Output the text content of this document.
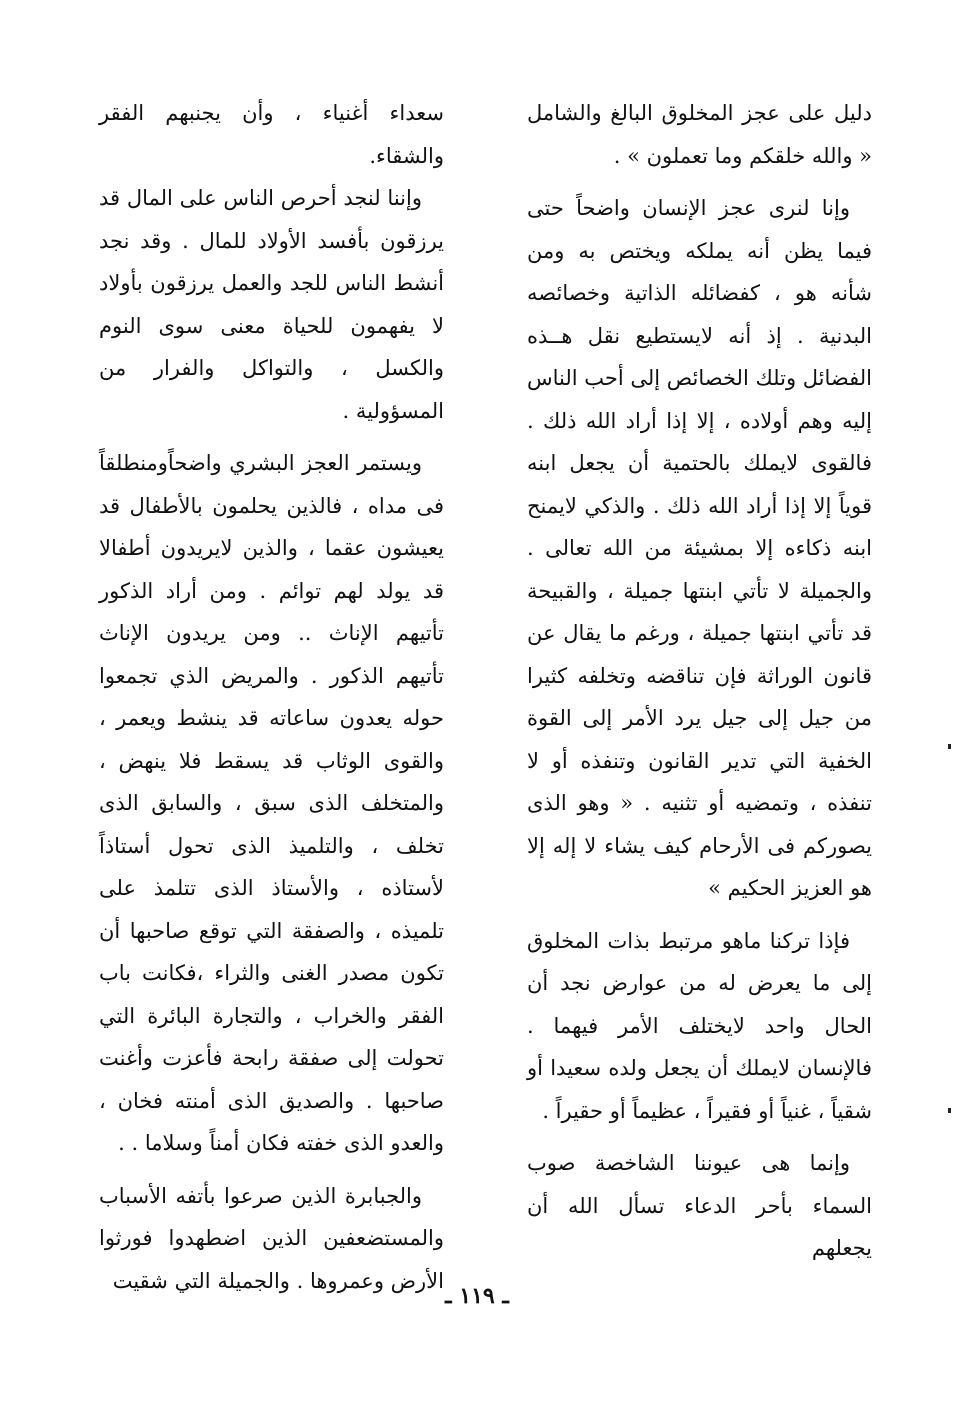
دليل على عجز المخلوق البالغ والشامل « والله خلقكم وما تعملون » .

وإنا لنرى عجز الإنسان واضحاً حتى فيما يظن أنه يملكه ويختص به ومن شأنه هو ، كفضائله الذاتية وخصائصه البدنية . إذ أنه لايستطيع نقل هــذه الفضائل وتلك الخصائص إلى أحب الناس إليه وهم أولاده ، إلا إذا أراد الله ذلك . فالقوى لايملك بالحتمية أن يجعل ابنه قوياً إلا إذا أراد الله ذلك . والذكي لايمنح ابنه ذكاءه إلا بمشيئة من الله تعالى . والجميلة لا تأتي ابنتها جميلة ، والقبيحة قد تأتي ابنتها جميلة ، ورغم ما يقال عن قانون الوراثة فإن تناقضه وتخلفه كثيرا من جيل إلى جيل يرد الأمر إلى القوة الخفية التي تدير القانون وتنفذه أو لا تنفذه ، وتمضيه أو تثنيه . « وهو الذى يصوركم فى الأرحام كيف يشاء لا إله إلا هو العزيز الحكيم »

فإذا تركنا ماهو مرتبط بذات المخلوق إلى ما يعرض له من عوارض نجد أن الحال واحد لايختلف الأمر فيهما . فالإنسان لايملك أن يجعل ولده سعيدا أو شقياً ، غنياً أو فقيراً ، عظيماً أو حقيراً .

وإنما هى عيوننا الشاخصة صوب السماء بأحر الدعاء تسأل الله أن يجعلهم

سعداء أغنياء ، وأن يجنبهم الفقر والشقاء.

وإننا لنجد أحرص الناس على المال قد يرزقون بأفسد الأولاد للمال . وقد نجد أنشط الناس للجد والعمل يرزقون بأولاد لا يفهمون للحياة معنى سوى النوم والكسل ، والتواكل والفرار من المسؤولية .

ويستمر العجز البشري واضحاًومنطلقاً فى مداه ، فالذين يحلمون بالأطفال قد يعيشون عقما ، والذين لايريدون أطفالا قد يولد لهم توائم . ومن أراد الذكور تأتيهم الإناث .. ومن يريدون الإناث تأتيهم الذكور . والمريض الذي تجمعوا حوله يعدون ساعاته قد ينشط ويعمر ، والقوى الوثاب قد يسقط فلا ينهض ، والمتخلف الذى سبق ، والسابق الذى تخلف ، والتلميذ الذى تحول أستاذاً لأستاذه ، والأستاذ الذى تتلمذ على تلميذه ، والصفقة التي توقع صاحبها أن تكون مصدر الغنى والثراء ،فكانت باب الفقر والخراب ، والتجارة البائرة التي تحولت إلى صفقة رابحة فأعزت وأغنت صاحبها . والصديق الذى أمنته فخان ، والعدو الذى خفته فكان أمناً وسلاما . .

والجبابرة الذين صرعوا بأتفه الأسباب والمستضعفين الذين اضطهدوا فورثوا الأرض وعمروها . والجميلة التي شقيت

ـ ١١٩ ـ
